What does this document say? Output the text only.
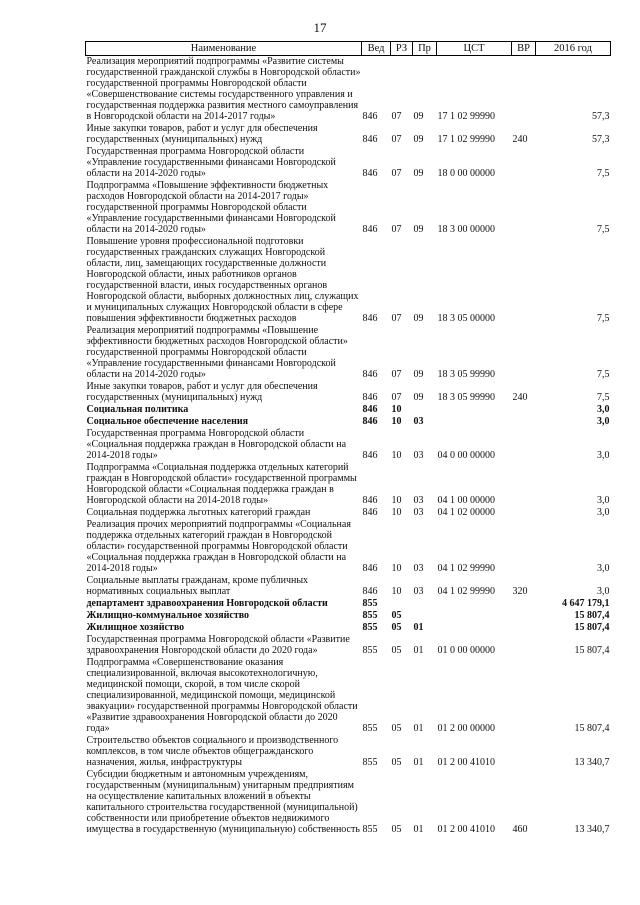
17
Наименование	Вед	РЗ	Пр	ЦСТ	ВР	2016 год
Реализация мероприятий подпрограммы «Развитие системы государственной гражданской службы в Новгородской области» государственной программы Новгородской области «Совершенствование системы государственного управления и государственная поддержка развития местного самоуправления в Новгородской области на 2014-2017 годы»	846	07	09	17 1 02 99990		57,3
Иные закупки товаров, работ и услуг для обеспечения государственных (муниципальных) нужд	846	07	09	17 1 02 99990	240	57,3
Государственная программа Новгородской области «Управление государственными финансами Новгородской области на 2014-2020 годы»	846	07	09	18 0 00 00000		7,5
Подпрограмма «Повышение эффективности бюджетных расходов Новгородской области на 2014-2017 годы» государственной программы Новгородской области «Управление государственными финансами Новгородской области на 2014-2020 годы»	846	07	09	18 3 00 00000		7,5
Повышение уровня профессиональной подготовки государственных гражданских служащих Новгородской области, лиц, замещающих государственные должности Новгородской области, иных работников органов государственной власти, иных государственных органов Новгородской области, выборных должностных лиц, служащих и муниципальных служащих Новгородской области в сфере повышения эффективности бюджетных расходов	846	07	09	18 3 05 00000		7,5
Реализация мероприятий подпрограммы «Повышение эффективности бюджетных расходов Новгородской области» государственной программы Новгородской области «Управление государственными финансами Новгородской области на 2014-2020 годы»	846	07	09	18 3 05 99990		7,5
Иные закупки товаров, работ и услуг для обеспечения государственных (муниципальных) нужд	846	07	09	18 3 05 99990	240	7,5
Социальная политика	846	10				3,0
Социальное обеспечение населения	846	10	03			3,0
Государственная программа Новгородской области «Социальная поддержка граждан в Новгородской области на 2014-2018 годы»	846	10	03	04 0 00 00000		3,0
Подпрограмма «Социальная поддержка отдельных категорий граждан в Новгородской области» государственной программы Новгородской области «Социальная поддержка граждан в Новгородской области на 2014-2018 годы»	846	10	03	04 1 00 00000		3,0
Социальная поддержка льготных категорий граждан	846	10	03	04 1 02 00000		3,0
Реализация прочих мероприятий подпрограммы «Социальная поддержка отдельных категорий граждан в Новгородской области» государственной программы Новгородской области «Социальная поддержка граждан в Новгородской области на 2014-2018 годы»	846	10	03	04 1 02 99990		3,0
Социальные выплаты гражданам, кроме публичных нормативных социальных выплат	846	10	03	04 1 02 99990	320	3,0
департамент здравоохранения Новгородской области	855					4 647 179,1
Жилищно-коммунальное хозяйство	855	05				15 807,4
Жилищное хозяйство	855	05	01			15 807,4
Государственная программа Новгородской области «Развитие здравоохранения Новгородской области до 2020 года»	855	05	01	01 0 00 00000		15 807,4
Подпрограмма «Совершенствование оказания специализированной, включая высокотехнологичную, медицинской помощи, скорой, в том числе скорой специализированной, медицинской помощи, медицинской эвакуации» государственной программы Новгородской области «Развитие здравоохранения Новгородской области до 2020 года»	855	05	01	01 2 00 00000		15 807,4
Строительство объектов социального и производственного комплексов, в том числе объектов общегражданского назначения, жилья, инфраструктуры	855	05	01	01 2 00 41010		13 340,7
Субсидии бюджетным и автономным учреждениям, государственным (муниципальным) унитарным предприятиям на осуществление капитальных вложений в объекты капитального строительства государственной (муниципальной) собственности или приобретение объектов недвижимого имущества в государственную (муниципальную) собственность	855	05	01	01 2 00 41010	460	13 340,7
